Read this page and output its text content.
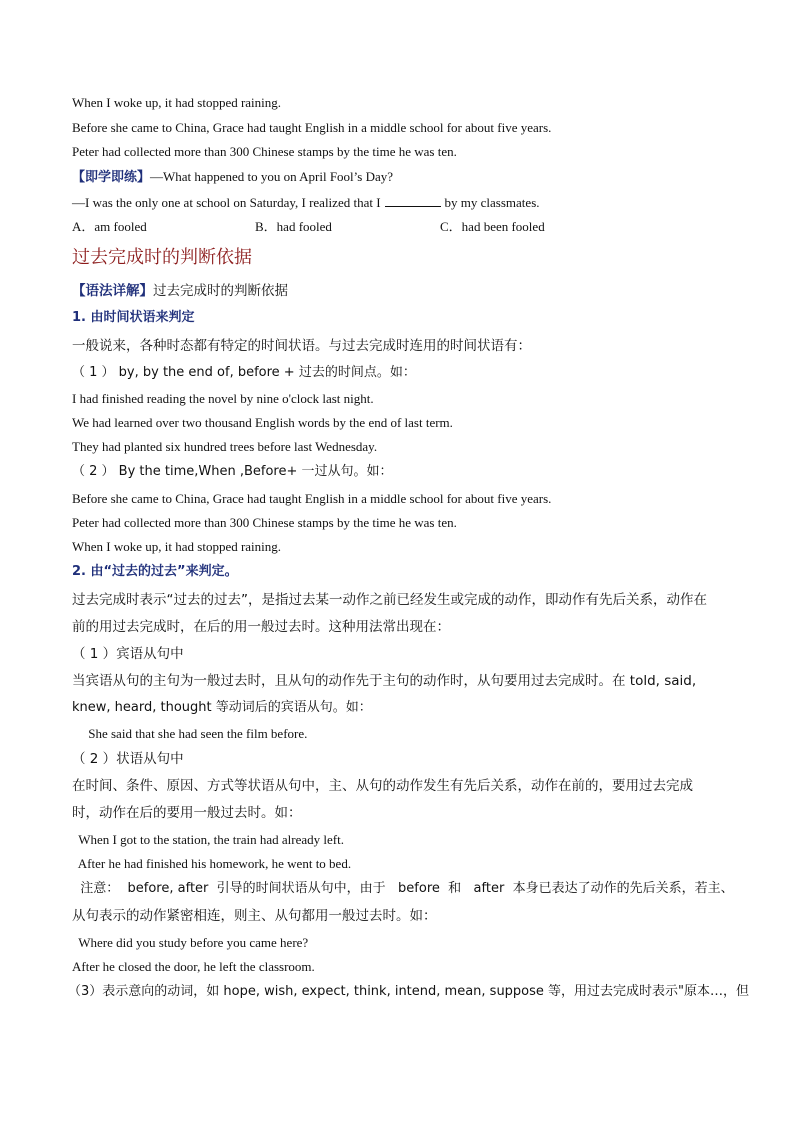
When I woke up, it had stopped raining.
Before she came to China, Grace had taught English in a middle school for about five years.
Peter had collected more than 300 Chinese stamps by the time he was ten.
【即学即练】—What happened to you on April Fool’s Day?
—I was the only one at school on Saturday, I realized that I	by my classmates.
A．am fooled	B．had fooled	C．had been fooled
过去完成时的判断依据
【语法详解】过去完成时的判断依据
1. 由时间状语来判定
一般说来，各种时态都有特定的时间状语。与过去完成时连用的时间状语有：
（ 1 ） by, by the end of, before + 过去的时间点。如：
I had finished reading the novel by nine o'clock last night.
We had learned over two thousand English words by the end of last term.
They had planted six hundred trees before last Wednesday.
（ 2 ） By the time,When ,Before+ 一过从句。如：
Before she came to China, Grace had taught English in a middle school for about five years.
Peter had collected more than 300 Chinese stamps by the time he was ten.
When I woke up, it had stopped raining.
2. 由“过去的过去”来判定。
过去完成时表示“过去的过去”，是指过去某一动作之前已经发生或完成的动作，即动作有先后关系，动作在
前的用过去完成时，在后的用一般过去时。这种用法常出现在：
（ 1 ）宾语从句中
当宾语从句的主句为一般过去时，且从句的动作先于主句的动作时，从句要用过去完成时。在 told, said,
knew, heard, thought 等动词后的宾语从句。如：
She said that she had seen the film before.
（ 2 ）状语从句中
在时间、条件、原因、方式等状语从句中，主、从句的动作发生有先后关系，动作在前的，要用过去完成
时，动作在后的要用一般过去时。如：
When I got to the station, the train had already left.
After he had finished his homework, he went to bed.
注意：  before, after  引导的时间状语从句中，由于   before  和   after  本身已表达了动作的先后关系，若主、
从句表示的动作紧密相连，则主、从句都用一般过去时。如：
Where did you study before you came here?
After he closed the door, he left the classroom.
（3）表示意向的动词，如 hope, wish, expect, think, intend, mean, suppose 等，用过去完成时表示"原本…，但
